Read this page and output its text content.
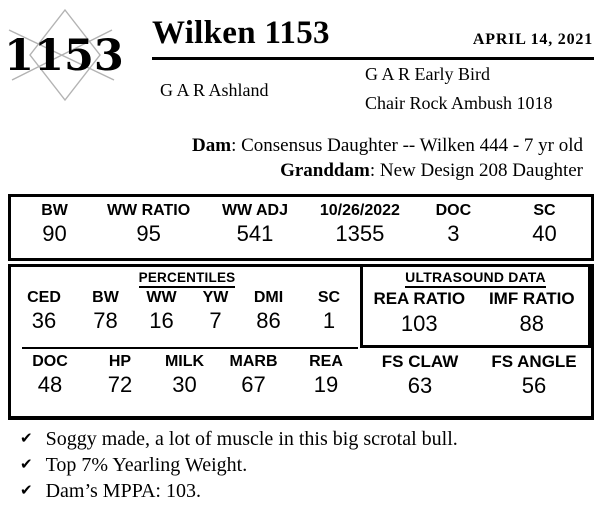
1153 Wilken 1153	APRIL 14, 2021
G A R Ashland
G A R Early Bird
Chair Rock Ambush 1018
Dam: Consensus Daughter -- Wilken 444 - 7 yr old
Granddam: New Design 208 Daughter
BW
90
WW RATIO
95
WW ADJ
541
10/26/2022
1355
DOC
3
SC
40
PERCENTILES
CED
36
BW
78
WW
16
YW
7
DMI
86
SC
1
DOC
48
HP
72
MILK
30
MARB
67
REA
19
ULTRASOUND DATA
REA RATIO
103
IMF RATIO
88
FS CLAW
63
FS ANGLE
56
✔ Soggy made, a lot of muscle in this big scrotal bull.
✔ Top 7% Yearling Weight.
✔ Dam’s MPPA: 103.
